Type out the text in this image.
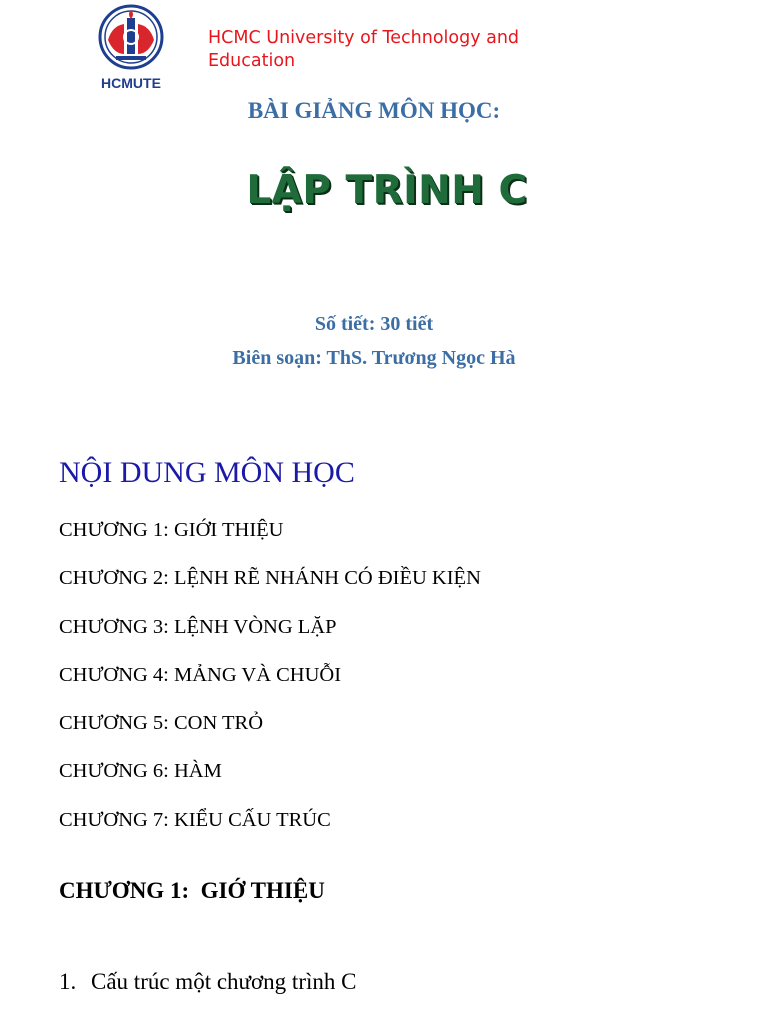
HCMUTE
HCMC University of Technology and Education
BÀI GIẢNG MÔN HỌC:
LẬP TRÌNH C
Số tiết: 30 tiết
Biên soạn: ThS. Trương Ngọc Hà
NỘI DUNG MÔN HỌC
CHƯƠNG 1: GIỚI THIỆU
CHƯƠNG 2: LỆNH RẼ NHÁNH CÓ ĐIỀU KIỆN
CHƯƠNG 3: LỆNH VÒNG LẶP
CHƯƠNG 4: MẢNG VÀ CHUỖI
CHƯƠNG 5: CON TRỎ
CHƯƠNG 6: HÀM
CHƯƠNG 7: KIỂU CẤU TRÚC
CHƯƠNG 1:  GIỚ THIỆU
1. Cấu trúc một chương trình C
